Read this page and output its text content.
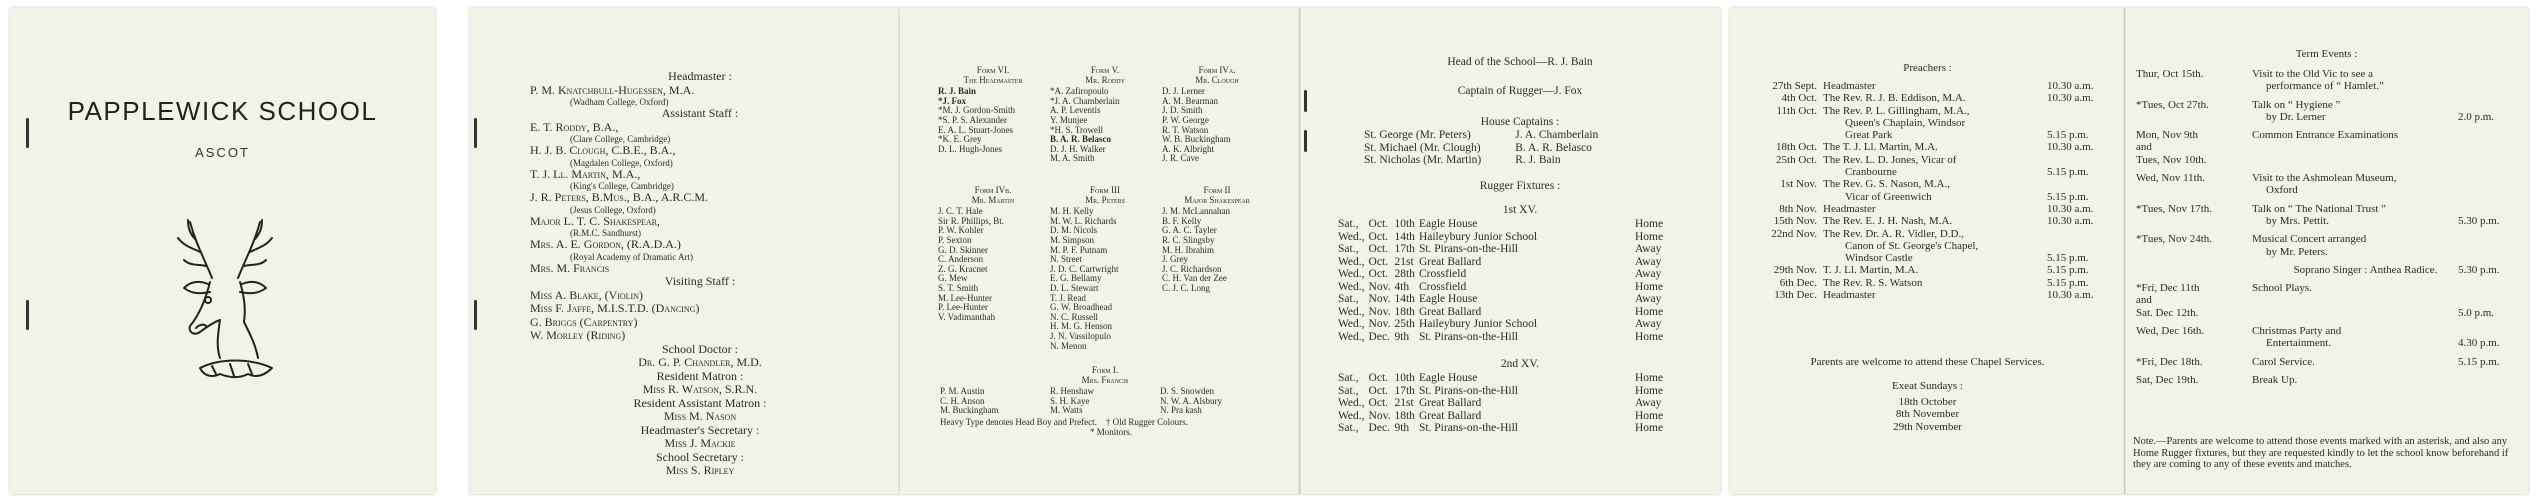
PAPPLEWICK SCHOOL
ASCOT
Headmaster :
P. M. Knatchbull-Hugessen, M.A.
(Wadham College, Oxford)
Assistant Staff :
E. T. Roddy, B.A.,
(Clare College, Cambridge)
H. J. B. Clough, C.B.E., B.A.,
(Magdalen College, Oxford)
T. J. Ll. Martin, M.A.,
(King's College, Cambridge)
J. R. Peters, B.Mus., B.A., A.R.C.M.
(Jesus College, Oxford)
Major L. T. C. Shakespear,
(R.M.C. Sandhurst)
Mrs. A. E. Gordon, (R.A.D.A.)
(Royal Academy of Dramatic Art)
Mrs. M. Francis
Visiting Staff :
Miss A. Blake, (Violin)
Miss F. Jaffe, M.I.S.T.D. (Dancing)
G. Briggs (Carpentry)
W. Morley (Riding)
School Doctor :
Dr. G. P. Chandler, M.D.
Resident Matron :
Miss R. Watson, S.R.N.
Resident Assistant Matron :
Miss M. Nason
Headmaster's Secretary :
Miss J. Mackie
School Secretary :
Miss S. Ripley
Form VI.
The Headmaster
R. J. Bain
*J. Fox
*M. J. Gordon-Smith
*S. P. S. Alexander
E. A. L. Stuart-Jones
*K. E. Grey
D. L. Hugh-Jones
Form V.
Mr. Roddy
*A. Zafiropoulo
*J. A. Chamberlain
A. P. Leventis
Y. Munjee
*H. S. Trowell
B. A. R. Belasco
D. J. H. Walker
M. A. Smith
Form IVa.
Mr. Clough
D. J. Lerner
A. M. Bearman
J. D. Smith
P. W. George
R. T. Watson
W. B. Buckingham
A. K. Albright
J. R. Cave
Form IVb.
Mr. Martin
J. C. T. Hale
Sir R. Phillips, Bt.
P. W. Kohler
P. Sexton
G. D. Skinner
C. Anderson
Z. G. Kracnet
G. Mew
S. T. Smith
M. Lee-Hunter
P. Lee-Hunter
V. Vadimanthah
Form III
Mr. Peters
M. H. Kelly
M. W. L. Richards
D. M. Nicols
M. Simpson
M. P. F. Putnam
N. Street
J. D. C. Cartwright
E. G. Bellamy
D. L. Stewart
T. J. Read
G. W. Broadhead
N. C. Russell
H. M. G. Henson
J. N. Vassilopulo
N. Menon
Form II
Major Shakespear
J. M. McLannahan
B. F. Kelly
G. A. C. Tayler
R. C. Slingsby
M. H. Ibrahim
J. Grey
J. C. Richardson
C. H. Van der Zee
C. J. C. Long
Form I.
Mrs. Francis
P. M. Austin
C. H. Anson
M. Buckingham
R. Henshaw
S. H. Kaye
M. Watts
D. S. Snowden
N. W. A. Alsbury
N. Pra kash
Heavy Type denotes Head Boy and Prefect. † Old Rugger Colours.
* Monitors.
Head of the School—R. J. Bain
Captain of Rugger—J. Fox
House Captains :
St. George (Mr. Peters)	J. A. Chamberlain
St. Michael (Mr. Clough)	B. A. R. Belasco
St. Nicholas (Mr. Martin)	R. J. Bain
Rugger Fixtures :
1st XV.
Sat.,	Oct.	10th	Eagle House	Home
Wed.,	Oct.	14th	Haileybury Junior School	Home
Sat.,	Oct.	17th	St. Pirans-on-the-Hill	Away
Wed.,	Oct.	21st	Great Ballard	Away
Wed.,	Oct.	28th	Crossfield	Away
Wed.,	Nov.	4th	Crossfield	Home
Sat.,	Nov.	14th	Eagle House	Away
Wed.,	Nov.	18th	Great Ballard	Home
Wed.,	Nov.	25th	Haileybury Junior School	Away
Wed.,	Dec.	9th	St. Pirans-on-the-Hill	Home
2nd XV.
Sat.,	Oct.	10th	Eagle House	Home
Sat.,	Oct.	17th	St. Pirans-on-the-Hill	Home
Wed.,	Oct.	21st	Great Ballard	Away
Wed.,	Nov.	18th	Great Ballard	Home
Sat.,	Dec.	9th	St. Pirans-on-the-Hill	Home
Preachers :
27th Sept.	Headmaster	10.30 a.m.
4th Oct.	The Rev. R. J. B. Eddison, M.A.	10.30 a.m.
11th Oct.	The Rev. P. L. Gillingham, M.A.,
Queen's Chaplain, Windsor
Great Park	5.15 p.m.
18th Oct.	The T. J. Ll. Martin, M.A.	10.30 a.m.
25th Oct.	The Rev. L. D. Jones, Vicar of
Cranbourne	5.15 p.m.
1st Nov.	The Rev. G. S. Nason, M.A.,
Vicar of Greenwich	5.15 p.m.
8th Nov.	Headmaster	10.30 a.m.
15th Nov.	The Rev. E. J. H. Nash, M.A.	10.30 a.m.
22nd Nov.	The Rev. Dr. A. R. Vidler, D.D.,
Canon of St. George's Chapel,
Windsor Castle	5.15 p.m.
29th Nov.	T. J. Ll. Martin, M.A.	5.15 p.m.
6th Dec.	The Rev. R. S. Watson	5.15 p.m.
13th Dec.	Headmaster	10.30 a.m.
Parents are welcome to attend these Chapel Services.
Exeat Sundays :
18th October
8th November
29th November
Term Events :
Thur, Oct 15th.	Visit to the Old Vic to see a
performance of “ Hamlet.”	

*Tues, Oct 27th.	Talk on “ Hygiene ”
by Dr. Lerner	2.0 p.m.

Mon, Nov 9th
and
Tues, Nov 10th.	Common Entrance Examinations	

Wed, Nov 11th.	Visit to the Ashmolean Museum,
Oxford	

*Tues, Nov 17th.	Talk on “ The National Trust ”
by Mrs. Pettit.	5.30 p.m.

*Tues, Nov 24th.	Musical Concert arranged
by Mr. Peters.	

	Soprano Singer : Anthea Radice.	5.30 p.m.

*Fri, Dec 11th
and
Sat. Dec 12th.	School Plays.	5.0 p.m.

Wed, Dec 16th.	Christmas Party and
Entertainment.	4.30 p.m.

*Fri, Dec 18th.	Carol Service.	5.15 p.m.

Sat, Dec 19th.	Break Up.	

Note.—Parents are welcome to attend those events marked with an asterisk, and also any Home Rugger fixtures, but they are requested kindly to let the school know beforehand if they are coming to any of these events and matches.
